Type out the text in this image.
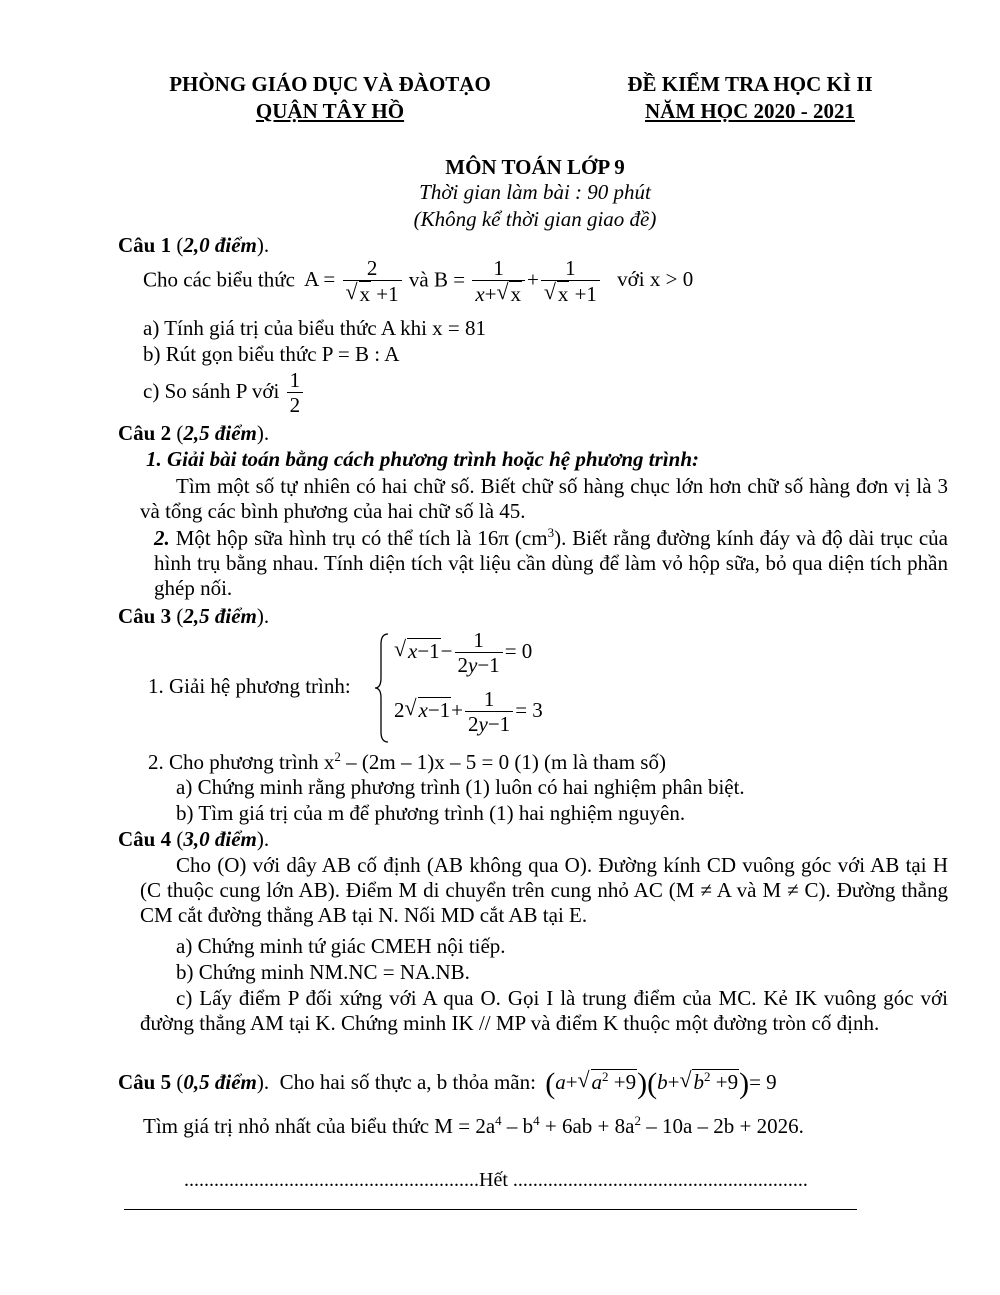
PHÒNG GIÁO DỤC VÀ ĐÀOTẠO
QUẬN TÂY HỒ
ĐỀ KIỂM TRA HỌC KÌ II
NĂM HỌC 2020 - 2021
MÔN TOÁN LỚP 9
Thời gian làm bài : 90 phút
(Không kể thời gian giao đề)
Câu 1 (2,0 điểm).
Cho các biểu thức A = 2
√ x +1 và $B = \frac{1}{x+√ x} + 1$
√ x +1 với x > 0
a) Tính giá trị của biểu thức A khi x = 81
b) Rút gọn biểu thức P = B : A
c) So sánh P với $\frac{1}{2}$
Câu 2 (2,5 điểm).
1. Giải bài toán bằng cách phương trình hoặc hệ phương trình:
Tìm một số tự nhiên có hai chữ số. Biết chữ số hàng chục lớn hơn chữ số hàng đơn vị là 3 và tổng các bình phương của hai chữ số là 45.
2. Một hộp sữa hình trụ có thể tích là 16π $(cm^3)$. Biết rằng đường kính đáy và độ dài trục của hình trụ bằng nhau. Tính diện tích vật liệu cần dùng để làm vỏ hộp sữa, bỏ qua diện tích phần ghép nối.
Câu 3 (2,5 điểm).
1. Giải hệ phương trình:
√ $x-1- \frac{1}{2y-1} = 0$
2√ $x-1+ \frac{1}{2y-1} = 3$
2. Cho phương trình $x^2 - (2m - 1)x - 5 = 0$ (1) (m là tham số)
a) Chứng minh rằng phương trình (1) luôn có hai nghiệm phân biệt.
b) Tìm giá trị của m để phương trình (1) hai nghiệm nguyên.
Câu 4 (3,0 điểm).
Cho (O) với dây AB cố định (AB không qua O). Đường kính CD vuông góc với AB tại H (C thuộc cung lớn AB). Điểm M di chuyển trên cung nhỏ AC (M ≠ A và M ≠ C). Đường thẳng CM cắt đường thẳng AB tại N. Nối MD cắt AB tại E.
a) Chứng minh tứ giác CMEH nội tiếp.
b) Chứng minh NM.NC = NA.NB.
c) Lấy điểm P đối xứng với A qua O. Gọi I là trung điểm của MC. Kẻ IK vuông góc với đường thẳng AM tại K. Chứng minh IK // MP và điểm K thuộc một đường tròn cố định.
Câu 5 (0,5 điểm).  Cho hai số thực a, b thỏa mãn: (a+√ $a^2 +9)(b+√$ $b^2 +9)= 9$
Tìm giá trị nhỏ nhất của biểu thức $M = 2a^4 - b^4 + 6ab + 8a^2 - 10a - 2b + 2026$.
...........................................................Hết ...........................................................
